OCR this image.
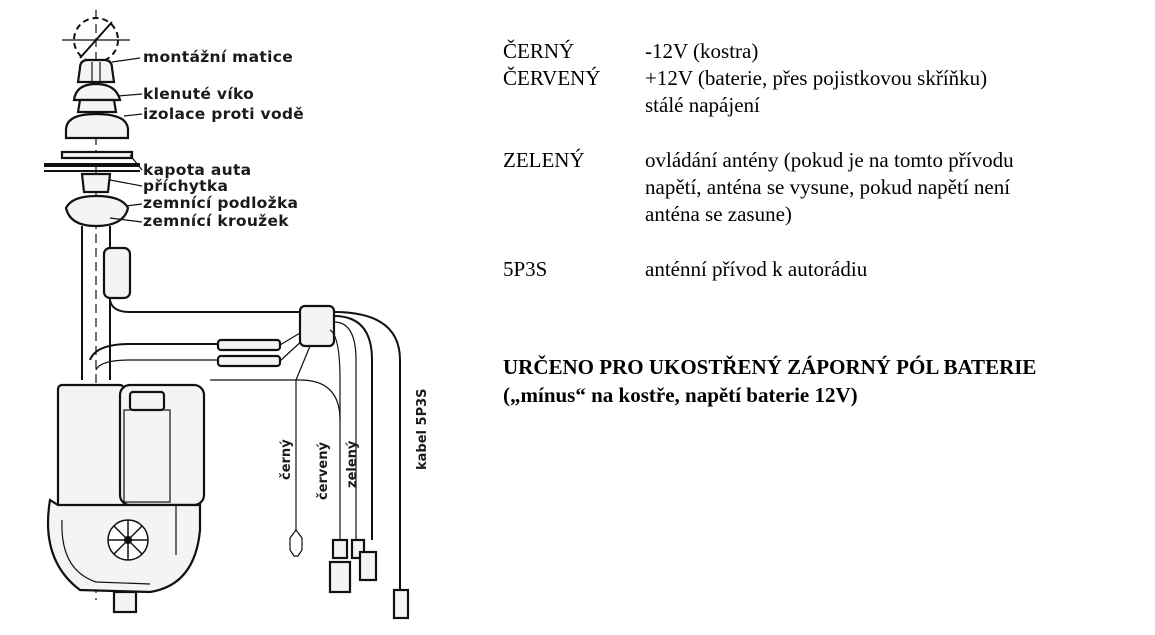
montážní matice
klenuté víko
izolace proti vodě
kapota auta
příchytka
zemnící podložka
zemnící kroužek
černý červený zelený	kabel 5P3S
ČERNÝ	-12V (kostra)
ČERVENÝ	+12V (baterie, přes pojistkovou skříňku)
stálé napájení
ZELENÝ	ovládání antény (pokud je na tomto přívodu
napětí, anténa se vysune, pokud napětí není
anténa se zasune)
5P3S	anténní přívod k autorádiu
URČENO PRO UKOSTŘENÝ ZÁPORNÝ PÓL BATERIE
(„mínus“ na kostře, napětí baterie 12V)
